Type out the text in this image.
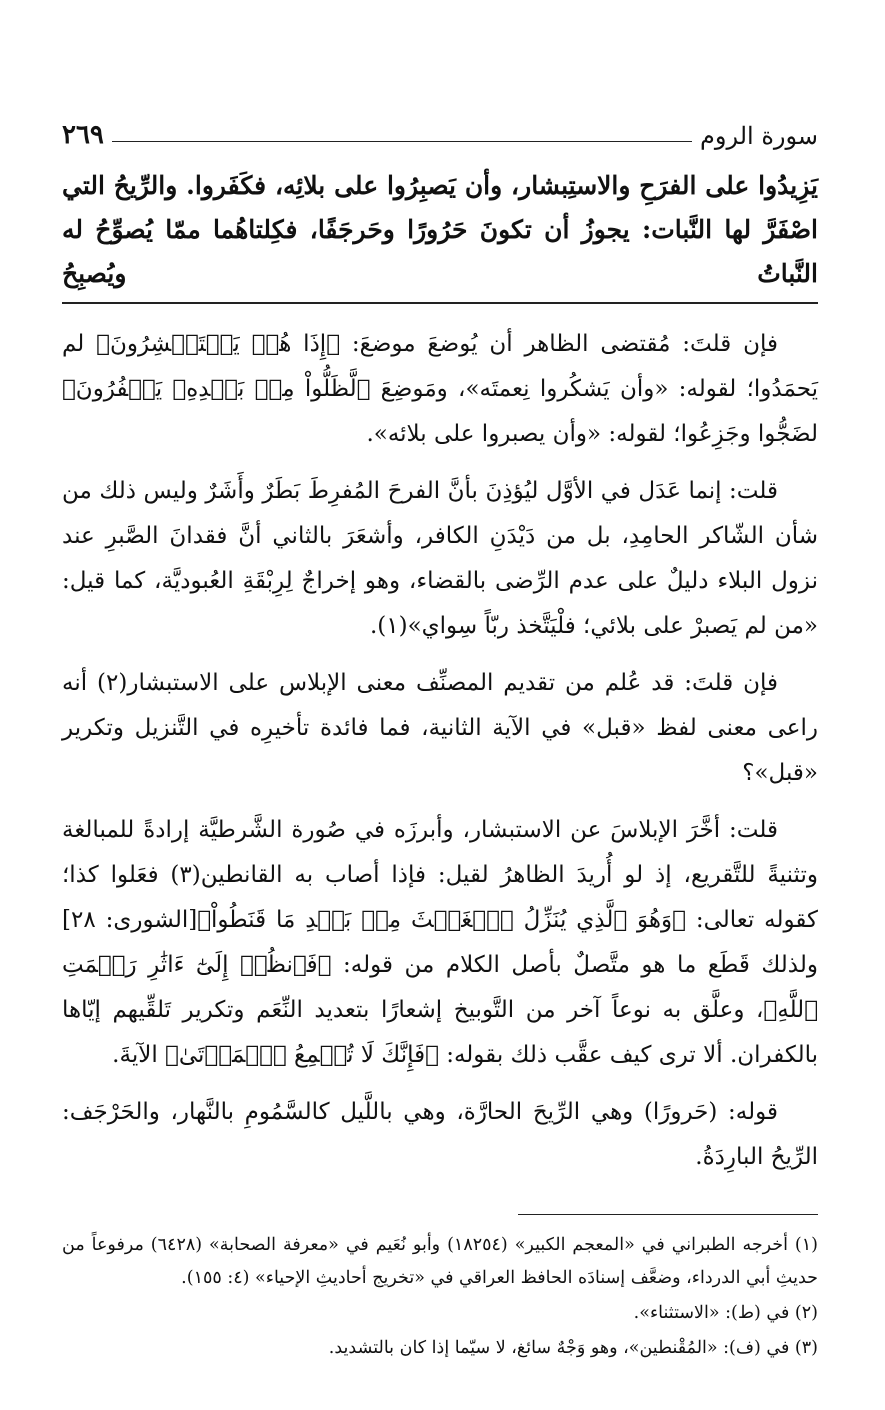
سورة الروم
٢٦٩
يَزِيدُوا على الفرَحِ والاستِبشار، وأن يَصبِرُوا على بلائِه، فكَفَروا. والرِّيحُ التي اصْفَرَّ لها النَّبات: يجوزُ أن تكونَ حَرُورًا وحَرجَفًا، فكِلتاهُما ممّا يُصوِّحُ له النَّباتُ ويُصبِحُ

فإن قلتَ: مُقتضى الظاهر أن يُوضعَ موضعَ: ﴿إِذَا هُمۡ يَسۡتَبۡشِرُونَ﴾ لم يَحمَدُوا؛ لقوله: «وأن يَشكُروا نِعمتَه»، ومَوضِعَ ﴿لَّظَلُّواْ مِنۢ بَعۡدِهِۦ يَكۡفُرُونَ﴾ لضَجُّوا وجَزِعُوا؛ لقوله: «وأن يصبروا على بلائه».

قلت: إنما عَدَل في الأوَّل ليُؤذِنَ بأنَّ الفرحَ المُفرِطَ بَطَرٌ وأَشَرٌ وليس ذلك من شأن الشّاكر الحامِدِ، بل من دَيْدَنِ الكافر، وأشعَرَ بالثاني أنَّ فقدانَ الصَّبرِ عند نزول البلاء دليلٌ على عدم الرِّضى بالقضاء، وهو إخراجٌ لِرِبْقَةِ العُبوديَّة، كما قيل: «من لم يَصبرْ على بلائي؛ فلْيَتَّخذ ربّاً سِواي»(١).

فإن قلتَ: قد عُلم من تقديم المصنِّف معنى الإبلاس على الاستبشار(٢) أنه راعى معنى لفظ «قبل» في الآية الثانية، فما فائدة تأخيرِه في التَّنزيل وتكرير «قبل»؟

قلت: أخَّرَ الإبلاسَ عن الاستبشار، وأبرزَه في صُورة الشَّرطيَّة إرادةً للمبالغة وتثنيةً للتَّقريع، إذ لو أُريدَ الظاهرُ لقيل: فإذا أصاب به القانطين(٣) فعَلوا كذا؛ كقوله تعالى: ﴿وَهُوَ ٱلَّذِي يُنَزِّلُ ٱلۡغَيۡثَ مِنۢ بَعۡدِ مَا قَنَطُواْ﴾[الشورى: ٢٨] ولذلك قَطَع ما هو متَّصلٌ بأصل الكلام من قوله: ﴿فَٱنظُرۡ إِلَىٰٓ ءَاثَٰرِ رَحۡمَتِ ٱللَّهِ﴾، وعلَّق به نوعاً آخر من التَّوبيخ إشعارًا بتعديد النِّعَم وتكرير تَلقِّيهم إيّاها بالكفران. ألا ترى كيف عقَّب ذلك بقوله: ﴿فَإِنَّكَ لَا تُسۡمِعُ ٱلۡمَوۡتَىٰ﴾ الآيةَ.

قوله: (حَرورًا) وهي الرِّيحَ الحارَّة، وهي باللَّيل كالسَّمُومِ بالنَّهار، والحَرْجَف: الرِّيحُ البارِدَةُ.

(١) أخرجه الطبراني في «المعجم الكبير» (١٨٢٥٤) وأبو نُعَيم في «معرفة الصحابة» (٦٤٢٨) مرفوعاً من حديثِ أبي الدرداء، وضعَّف إسنادَه الحافظ العراقي في «تخريج أحاديثِ الإحياء» (٤: ١٥٥).

(٢) في (ط): «الاستثناء».

(٣) في (ف): «المُقْنطين»، وهو وَجْهٌ سائغ، لا سيّما إذا كان بالتشديد.
